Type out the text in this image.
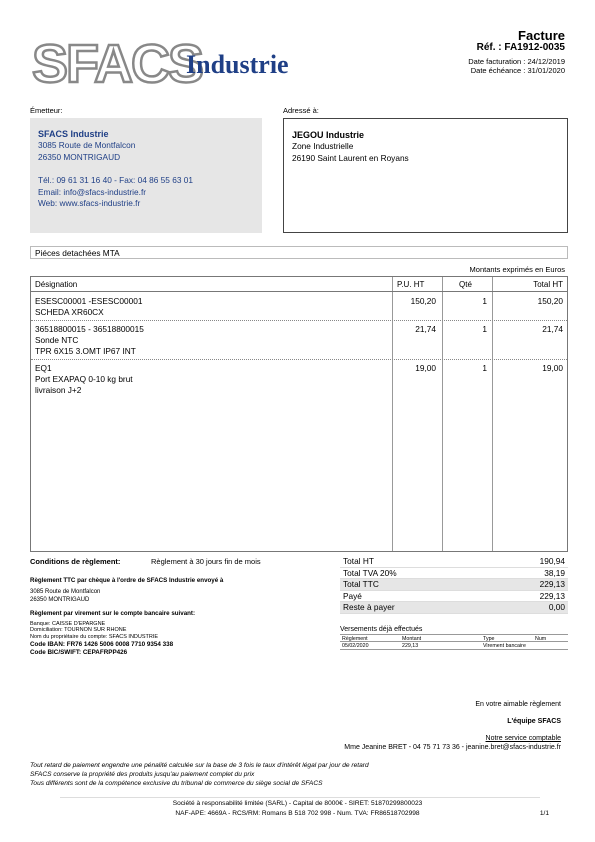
SFACS
Industrie
Facture
Réf. : FA1912-0035
Date facturation : 24/12/2019
Date échéance : 31/01/2020
Émetteur:	Adressé à:
SFACS Industrie
3085 Route de Montfalcon
26350 MONTRIGAUD
Tél.: 09 61 31 16 40 - Fax: 04 86 55 63 01
Email: info@sfacs-industrie.fr
Web: www.sfacs-industrie.fr
JEGOU Industrie
Zone Industrielle
26190 Saint Laurent en Royans
Piéces detachées MTA
Montants exprimés en Euros
Désignation	P.U. HT	Qté	Total HT
ESESC00001 -ESESC00001
SCHEDA XR60CX
150,20	1	150,20
36518800015 - 36518800015
Sonde NTC
TPR 6X15 3.OMT IP67 INT
21,74	1	21,74
EQ1
Port EXAPAQ 0-10 kg brut
livraison J+2
19,00	1	19,00
Conditions de règlement:	Règlement à 30 jours fin de mois
Règlement TTC par chèque à l'ordre de SFACS Industrie envoyé à
3085 Route de Montfalcon
26350 MONTRIGAUD
Règlement par virement sur le compte bancaire suivant:
Banque: CAISSE D'EPARGNE
Domiciliation: TOURNON SUR RHONE
Nom du propriétaire du compte: SFACS INDUSTRIE
Code IBAN: FR76 1426 5006 0008 7710 9354 338
Code BIC/SWIFT: CEPAFRPP426
Total HT	190,94
Total TVA 20%	38,19
Total TTC	229,13
Payé	229,13
Reste à payer	0,00
Versements déjà effectués
Règlement	Montant	Type	Num
05/02/2020	229,13	Virement bancaire
En votre aimable règlement
L'équipe SFACS
Notre service comptable
Mme Jeanine BRET - 04 75 71 73 36 - jeanine.bret@sfacs-industrie.fr
Tout retard de paiement engendre une pénalité calculée sur la base de 3 fois le taux d'intérêt légal par jour de retard
SFACS conserve la propriété des produits jusqu'au paiement complet du prix
Tous différents sont de la compétence exclusive du tribunal de commerce du siège social de SFACS
Société à responsabilité limitée (SARL) - Capital de 8000€ - SIRET: 51870299800023
NAF-APE: 4669A - RCS/RM: Romans B 518 702 998 - Num. TVA: FR86518702998	1/1
